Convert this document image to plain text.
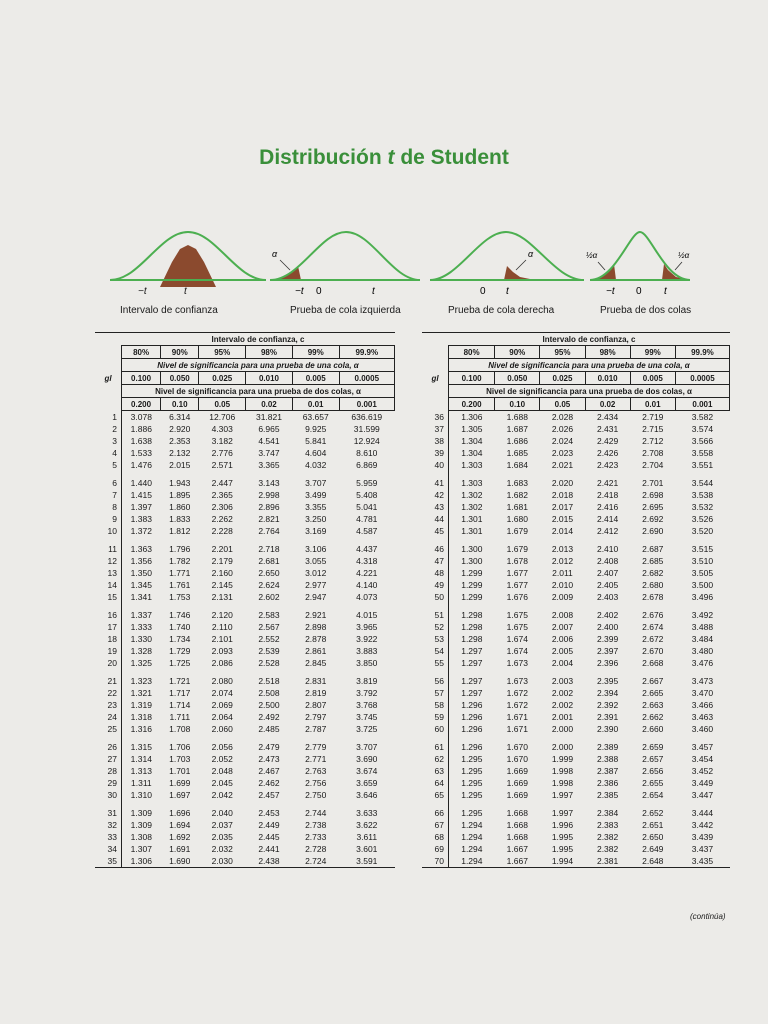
Distribución t de Student
−t	t
α
−t 0	t
α
0 t
½α	½α
−t 0 t
Intervalo de confianza	Prueba de cola izquierda	Prueba de cola derecha	Prueba de dos colas
	Intervalo de confianza, c					
	80%	90%	95%	98%	99%	99.9%
	Nivel de significancia para una prueba de una cola, α					
gl	0.100	0.050	0.025	0.010	0.005	0.0005
	Nivel de significancia para una prueba de dos colas, α					
	0.200	0.10	0.05	0.02	0.01	0.001
1	3.078	6.314	12.706	31.821	63.657	636.619
2	1.886	2.920	4.303	6.965	9.925	31.599
3	1.638	2.353	3.182	4.541	5.841	12.924
4	1.533	2.132	2.776	3.747	4.604	8.610
5	1.476	2.015	2.571	3.365	4.032	6.869

6	1.440	1.943	2.447	3.143	3.707	5.959
7	1.415	1.895	2.365	2.998	3.499	5.408
8	1.397	1.860	2.306	2.896	3.355	5.041
9	1.383	1.833	2.262	2.821	3.250	4.781
10	1.372	1.812	2.228	2.764	3.169	4.587

11	1.363	1.796	2.201	2.718	3.106	4.437
12	1.356	1.782	2.179	2.681	3.055	4.318
13	1.350	1.771	2.160	2.650	3.012	4.221
14	1.345	1.761	2.145	2.624	2.977	4.140
15	1.341	1.753	2.131	2.602	2.947	4.073

16	1.337	1.746	2.120	2.583	2.921	4.015
17	1.333	1.740	2.110	2.567	2.898	3.965
18	1.330	1.734	2.101	2.552	2.878	3.922
19	1.328	1.729	2.093	2.539	2.861	3.883
20	1.325	1.725	2.086	2.528	2.845	3.850

21	1.323	1.721	2.080	2.518	2.831	3.819
22	1.321	1.717	2.074	2.508	2.819	3.792
23	1.319	1.714	2.069	2.500	2.807	3.768
24	1.318	1.711	2.064	2.492	2.797	3.745
25	1.316	1.708	2.060	2.485	2.787	3.725

26	1.315	1.706	2.056	2.479	2.779	3.707
27	1.314	1.703	2.052	2.473	2.771	3.690
28	1.313	1.701	2.048	2.467	2.763	3.674
29	1.311	1.699	2.045	2.462	2.756	3.659
30	1.310	1.697	2.042	2.457	2.750	3.646

31	1.309	1.696	2.040	2.453	2.744	3.633
32	1.309	1.694	2.037	2.449	2.738	3.622
33	1.308	1.692	2.035	2.445	2.733	3.611
34	1.307	1.691	2.032	2.441	2.728	3.601
35	1.306	1.690	2.030	2.438	2.724	3.591
	Intervalo de confianza, c					
	80%	90%	95%	98%	99%	99.9%
	Nivel de significancia para una prueba de una cola, α					
gl	0.100	0.050	0.025	0.010	0.005	0.0005
	Nivel de significancia para una prueba de dos colas, α					
	0.200	0.10	0.05	0.02	0.01	0.001
36	1.306	1.688	2.028	2.434	2.719	3.582
37	1.305	1.687	2.026	2.431	2.715	3.574
38	1.304	1.686	2.024	2.429	2.712	3.566
39	1.304	1.685	2.023	2.426	2.708	3.558
40	1.303	1.684	2.021	2.423	2.704	3.551

41	1.303	1.683	2.020	2.421	2.701	3.544
42	1.302	1.682	2.018	2.418	2.698	3.538
43	1.302	1.681	2.017	2.416	2.695	3.532
44	1.301	1.680	2.015	2.414	2.692	3.526
45	1.301	1.679	2.014	2.412	2.690	3.520

46	1.300	1.679	2.013	2.410	2.687	3.515
47	1.300	1.678	2.012	2.408	2.685	3.510
48	1.299	1.677	2.011	2.407	2.682	3.505
49	1.299	1.677	2.010	2.405	2.680	3.500
50	1.299	1.676	2.009	2.403	2.678	3.496

51	1.298	1.675	2.008	2.402	2.676	3.492
52	1.298	1.675	2.007	2.400	2.674	3.488
53	1.298	1.674	2.006	2.399	2.672	3.484
54	1.297	1.674	2.005	2.397	2.670	3.480
55	1.297	1.673	2.004	2.396	2.668	3.476

56	1.297	1.673	2.003	2.395	2.667	3.473
57	1.297	1.672	2.002	2.394	2.665	3.470
58	1.296	1.672	2.002	2.392	2.663	3.466
59	1.296	1.671	2.001	2.391	2.662	3.463
60	1.296	1.671	2.000	2.390	2.660	3.460

61	1.296	1.670	2.000	2.389	2.659	3.457
62	1.295	1.670	1.999	2.388	2.657	3.454
63	1.295	1.669	1.998	2.387	2.656	3.452
64	1.295	1.669	1.998	2.386	2.655	3.449
65	1.295	1.669	1.997	2.385	2.654	3.447

66	1.295	1.668	1.997	2.384	2.652	3.444
67	1.294	1.668	1.996	2.383	2.651	3.442
68	1.294	1.668	1.995	2.382	2.650	3.439
69	1.294	1.667	1.995	2.382	2.649	3.437
70	1.294	1.667	1.994	2.381	2.648	3.435
(continúa)
